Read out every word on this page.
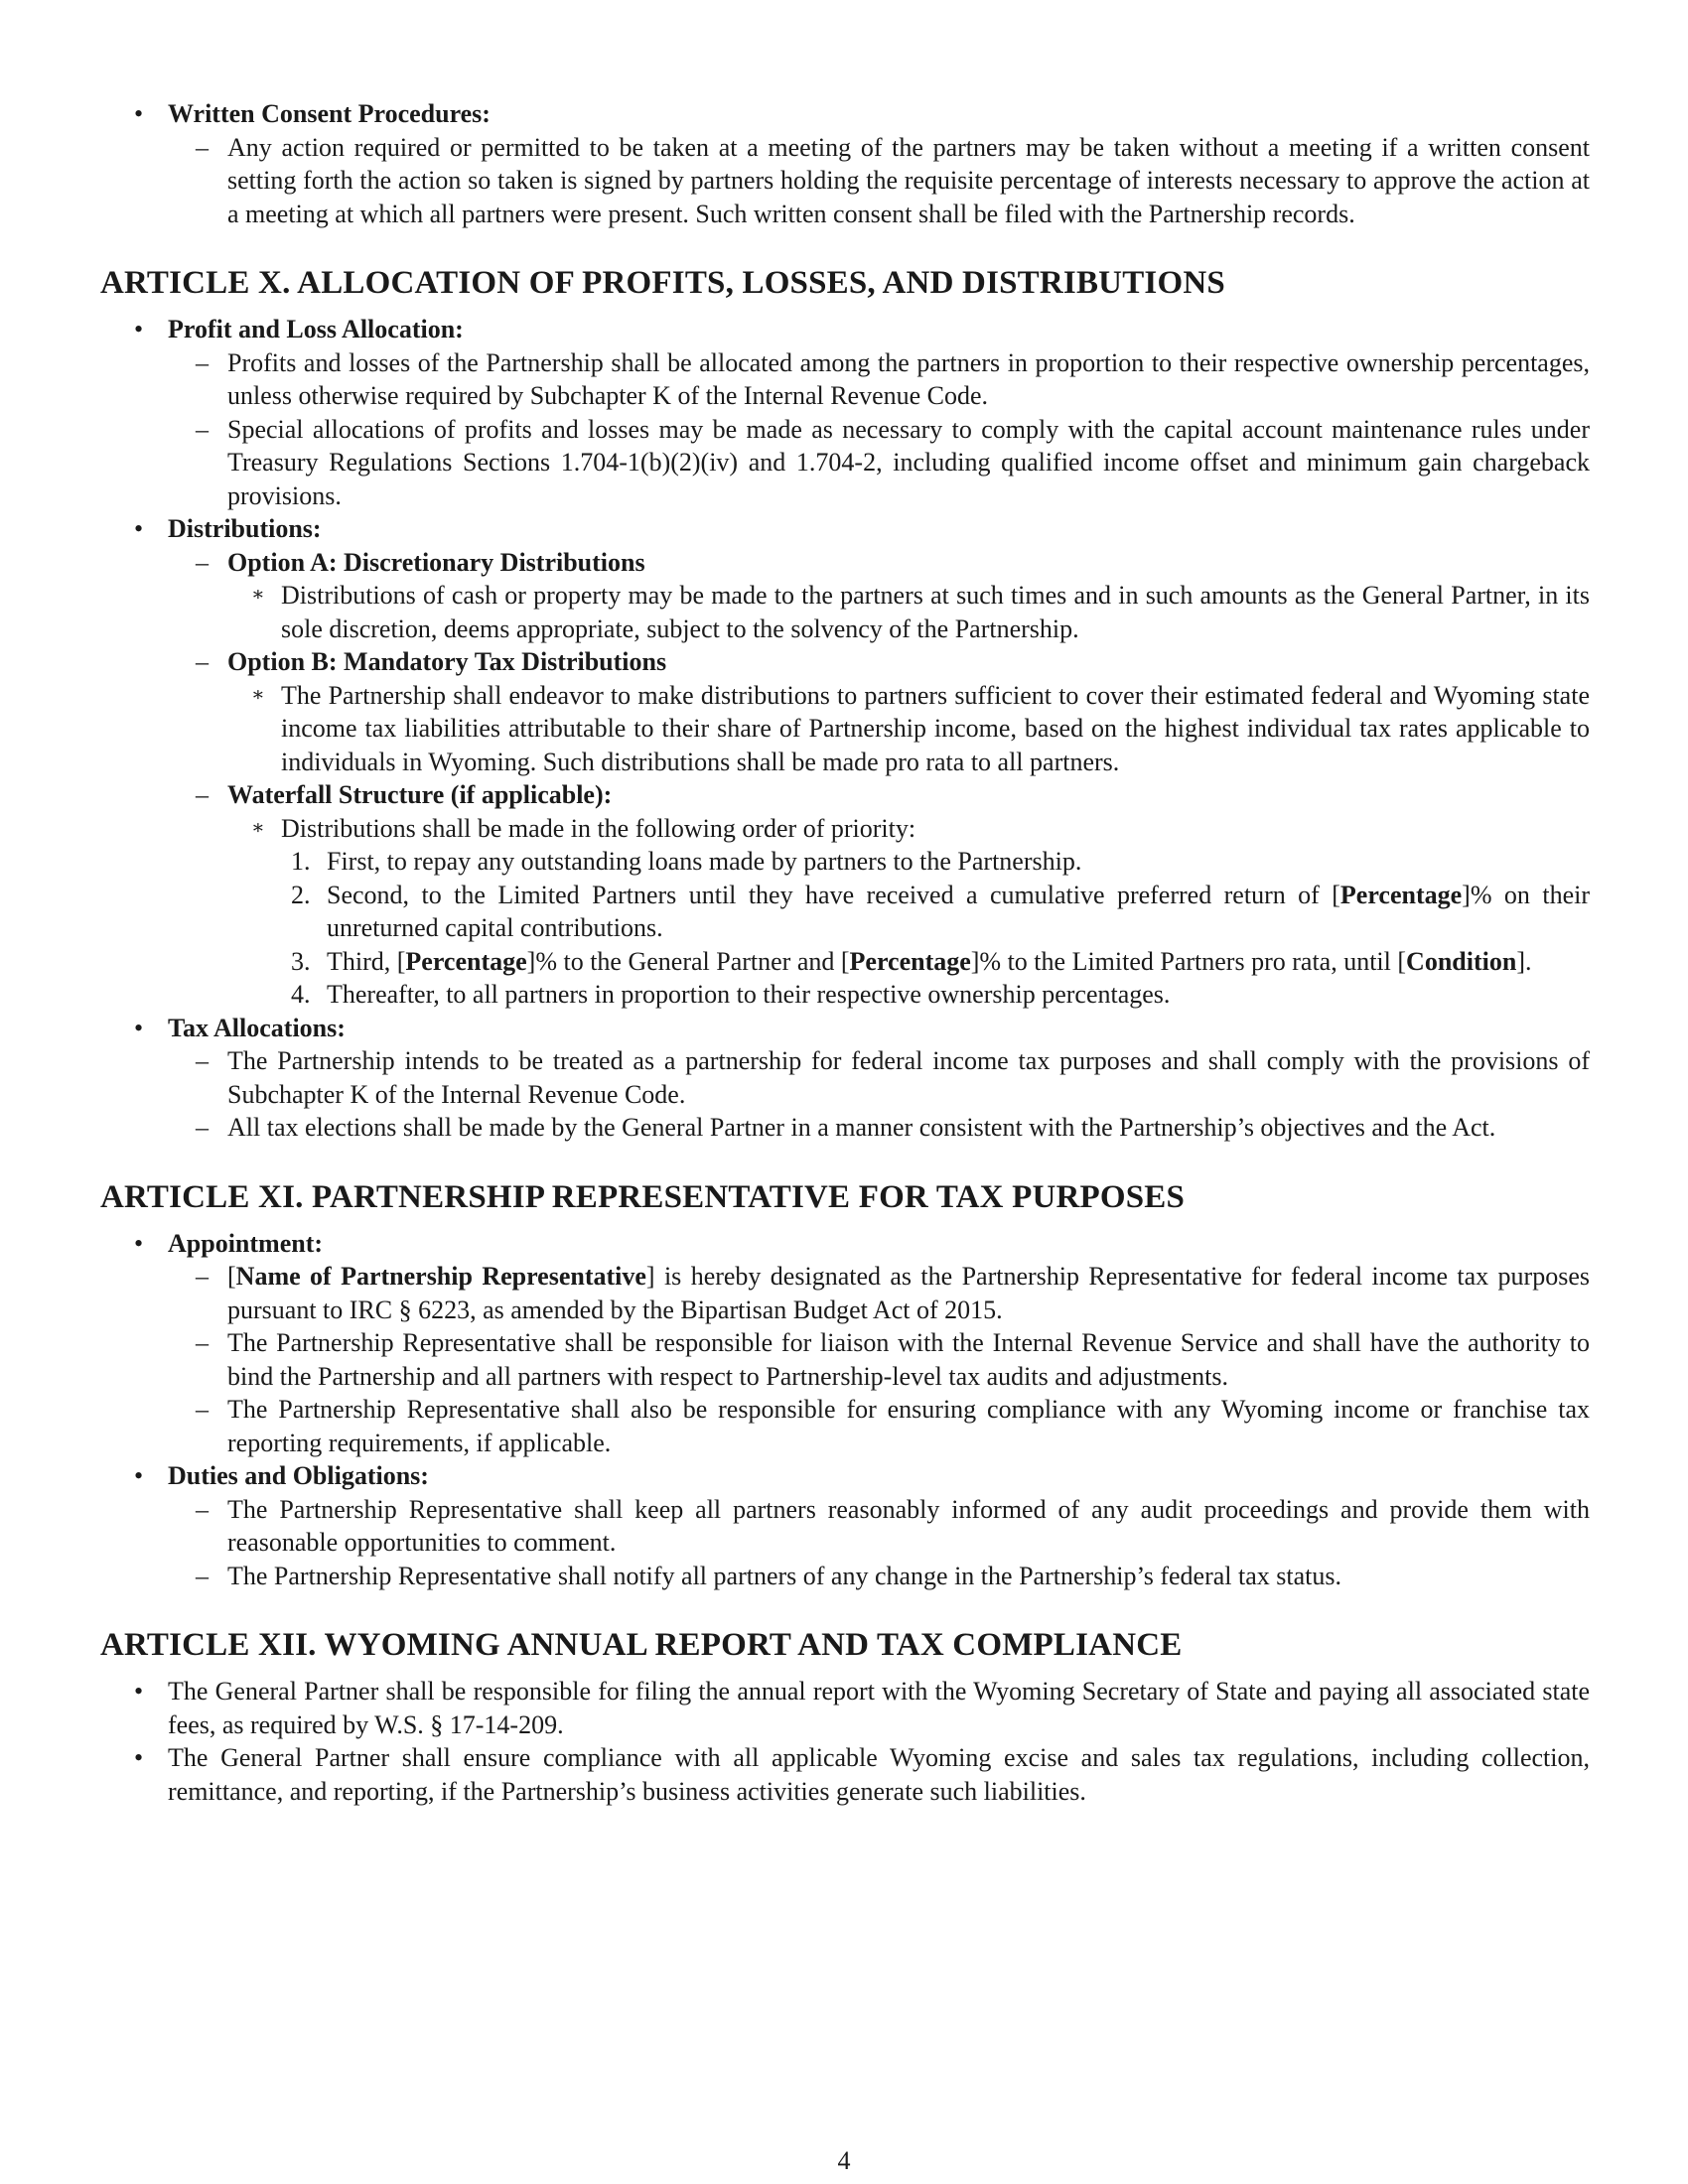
• Written Consent Procedures:
– Any action required or permitted to be taken at a meeting of the partners may be taken without a meeting if a written consent setting forth the action so taken is signed by partners holding the requisite percentage of interests necessary to approve the action at a meeting at which all partners were present. Such written consent shall be filed with the Partnership records.
ARTICLE X. ALLOCATION OF PROFITS, LOSSES, AND DISTRIBUTIONS
• Profit and Loss Allocation:
– Profits and losses of the Partnership shall be allocated among the partners in proportion to their respective ownership percentages, unless otherwise required by Subchapter K of the Internal Revenue Code.
– Special allocations of profits and losses may be made as necessary to comply with the capital account maintenance rules under Treasury Regulations Sections 1.704-1(b)(2)(iv) and 1.704-2, including qualified income offset and minimum gain chargeback provisions.
• Distributions:
– Option A: Discretionary Distributions
∗ Distributions of cash or property may be made to the partners at such times and in such amounts as the General Partner, in its sole discretion, deems appropriate, subject to the solvency of the Partnership.
– Option B: Mandatory Tax Distributions
∗ The Partnership shall endeavor to make distributions to partners sufficient to cover their estimated federal and Wyoming state income tax liabilities attributable to their share of Partnership income, based on the highest individual tax rates applicable to individuals in Wyoming. Such distributions shall be made pro rata to all partners.
– Waterfall Structure (if applicable):
∗ Distributions shall be made in the following order of priority:
1. First, to repay any outstanding loans made by partners to the Partnership.
2. Second, to the Limited Partners until they have received a cumulative preferred return of [Percentage]% on their unreturned capital contributions.
3. Third, [Percentage]% to the General Partner and [Percentage]% to the Limited Partners pro rata, until [Condition].
4. Thereafter, to all partners in proportion to their respective ownership percentages.
• Tax Allocations:
– The Partnership intends to be treated as a partnership for federal income tax purposes and shall comply with the provisions of Subchapter K of the Internal Revenue Code.
– All tax elections shall be made by the General Partner in a manner consistent with the Partnership’s objectives and the Act.
ARTICLE XI. PARTNERSHIP REPRESENTATIVE FOR TAX PURPOSES
• Appointment:
– [Name of Partnership Representative] is hereby designated as the Partnership Representative for federal income tax purposes pursuant to IRC § 6223, as amended by the Bipartisan Budget Act of 2015.
– The Partnership Representative shall be responsible for liaison with the Internal Revenue Service and shall have the authority to bind the Partnership and all partners with respect to Partnership-level tax audits and adjustments.
– The Partnership Representative shall also be responsible for ensuring compliance with any Wyoming income or franchise tax reporting requirements, if applicable.
• Duties and Obligations:
– The Partnership Representative shall keep all partners reasonably informed of any audit proceedings and provide them with reasonable opportunities to comment.
– The Partnership Representative shall notify all partners of any change in the Partnership’s federal tax status.
ARTICLE XII. WYOMING ANNUAL REPORT AND TAX COMPLIANCE
• The General Partner shall be responsible for filing the annual report with the Wyoming Secretary of State and paying all associated state fees, as required by W.S. § 17-14-209.
• The General Partner shall ensure compliance with all applicable Wyoming excise and sales tax regulations, including collection, remittance, and reporting, if the Partnership’s business activities generate such liabilities.
4
